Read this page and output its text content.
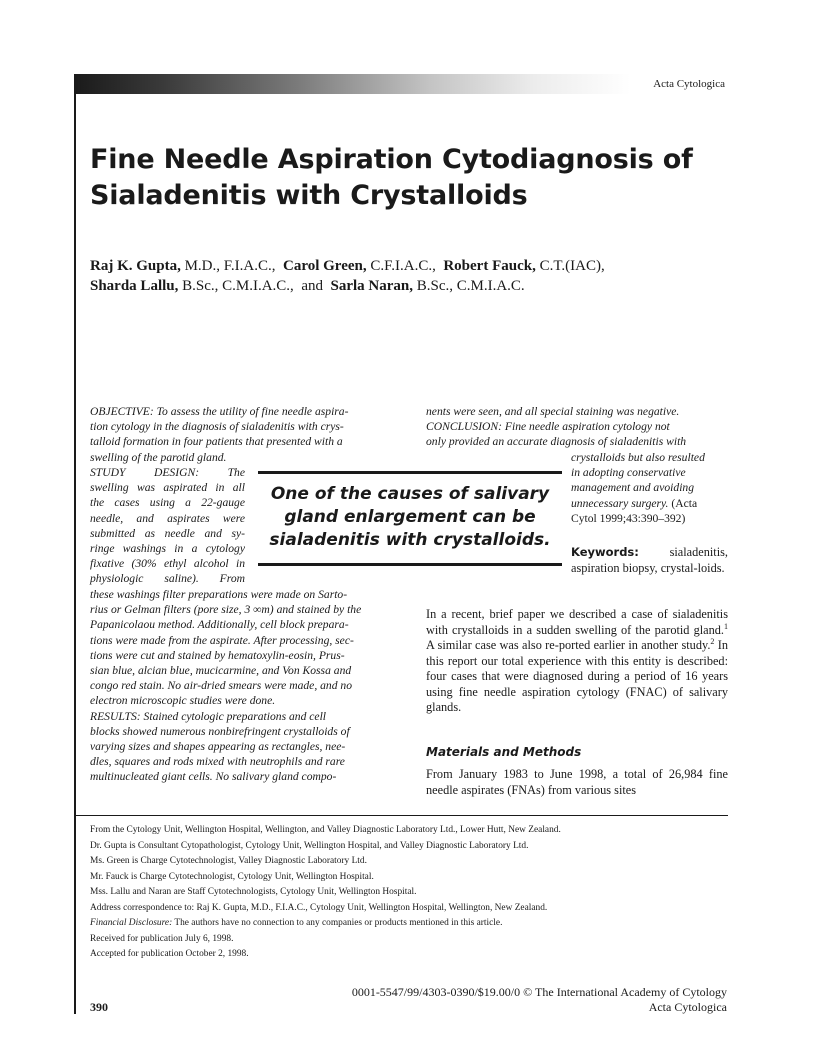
Acta Cytologica
Fine Needle Aspiration Cytodiagnosis of
Sialadenitis with Crystalloids
Raj K. Gupta, M.D., F.I.A.C., Carol Green, C.F.I.A.C., Robert Fauck, C.T.(IAC),
Sharda Lallu, B.Sc., C.M.I.A.C., and Sarla Naran, B.Sc., C.M.I.A.C.
OBJECTIVE: To assess the utility of fine needle aspira-
tion cytology in the diagnosis of sialadenitis with crys-
talloid formation in four patients that presented with a
swelling of the parotid gland.
STUDY DESIGN: The
swelling was aspirated in all
the cases using a 22-gauge
needle, and aspirates were
submitted as needle and sy-
ringe washings in a cytology
fixative (30% ethyl alcohol in
physiologic saline). From
these washings filter preparations were made on Sarto-
rius or Gelman filters (pore size, 3 ∞m) and stained by the
Papanicolaou method. Additionally, cell block prepara-
tions were made from the aspirate. After processing, sec-
tions were cut and stained by hematoxylin-eosin, Prus-
sian blue, alcian blue, mucicarmine, and Von Kossa and
congo red stain. No air-dried smears were made, and no
electron microscopic studies were done.
RESULTS: Stained cytologic preparations and cell
blocks showed numerous nonbirefringent crystalloids of
varying sizes and shapes appearing as rectangles, nee-
dles, squares and rods mixed with neutrophils and rare
multinucleated giant cells. No salivary gland compo-
nents were seen, and all special staining was negative.
CONCLUSION: Fine needle aspiration cytology not
only provided an accurate diagnosis of sialadenitis with
crystalloids but also resulted
in adopting conservative
management and avoiding
unnecessary surgery. (Acta
Cytol 1999;43:390–392)
One of the causes of salivary
gland enlargement can be
sialadenitis with crystalloids.
Keywords: sialadenitis, aspiration biopsy, crystal-loids.
In a recent, brief paper we described a case of sialadenitis with crystalloids in a sudden swelling of the parotid gland.$^1$ A similar case was also re-ported earlier in another study.$^2$ In this report our total experience with this entity is described: four cases that were diagnosed during a period of 16 years using fine needle aspiration cytology (FNAC) of salivary glands.
Materials and Methods
From January 1983 to June 1998, a total of 26,984 fine needle aspirates (FNAs) from various sites

From the Cytology Unit, Wellington Hospital, Wellington, and Valley Diagnostic Laboratory Ltd., Lower Hutt, New Zealand.

Dr. Gupta is Consultant Cytopathologist, Cytology Unit, Wellington Hospital, and Valley Diagnostic Laboratory Ltd.

Ms. Green is Charge Cytotechnologist, Valley Diagnostic Laboratory Ltd.

Mr. Fauck is Charge Cytotechnologist, Cytology Unit, Wellington Hospital.

Mss. Lallu and Naran are Staff Cytotechnologists, Cytology Unit, Wellington Hospital.

Address correspondence to: Raj K. Gupta, M.D., F.I.A.C., Cytology Unit, Wellington Hospital, Wellington, New Zealand.

Financial Disclosure: The authors have no connection to any companies or products mentioned in this article.

Received for publication July 6, 1998.

Accepted for publication October 2, 1998.

0001-5547/99/4303-0390/$19.00/0 © The International Academy of Cytology
390	Acta Cytologica
